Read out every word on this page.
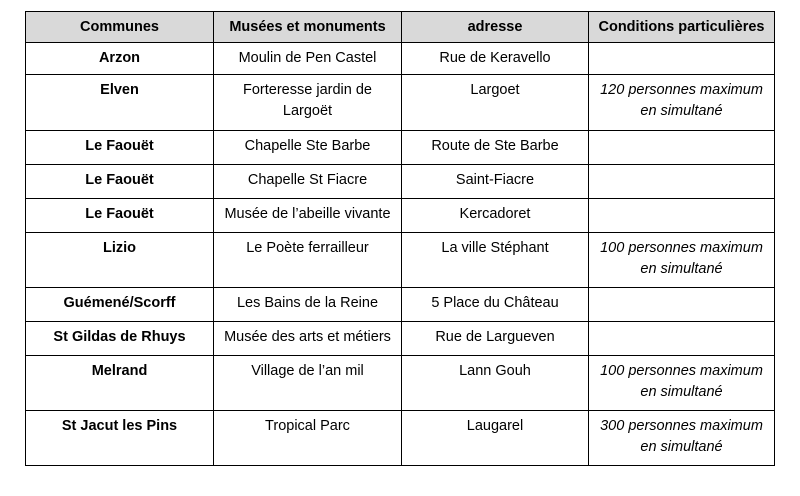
Communes	Musées et monuments	adresse	Conditions particulières
Arzon	Moulin de Pen Castel	Rue de Keravello	
Elven	Forteresse jardin de Largoët	Largoet	120 personnes maximum en simultané
Le Faouët	Chapelle Ste Barbe	Route de Ste Barbe	
Le Faouët	Chapelle St Fiacre	Saint-Fiacre	
Le Faouët	Musée de l’abeille vivante	Kercadoret	
Lizio	Le Poète ferrailleur	La ville Stéphant	100 personnes maximum en simultané
Guémené/Scorff	Les Bains de la Reine	5 Place du Château	
St Gildas de Rhuys	Musée des arts et métiers	Rue de Largueven	
Melrand	Village de l’an mil	Lann Gouh	100 personnes maximum en simultané
St Jacut les Pins	Tropical Parc	Laugarel	300 personnes maximum en simultané
